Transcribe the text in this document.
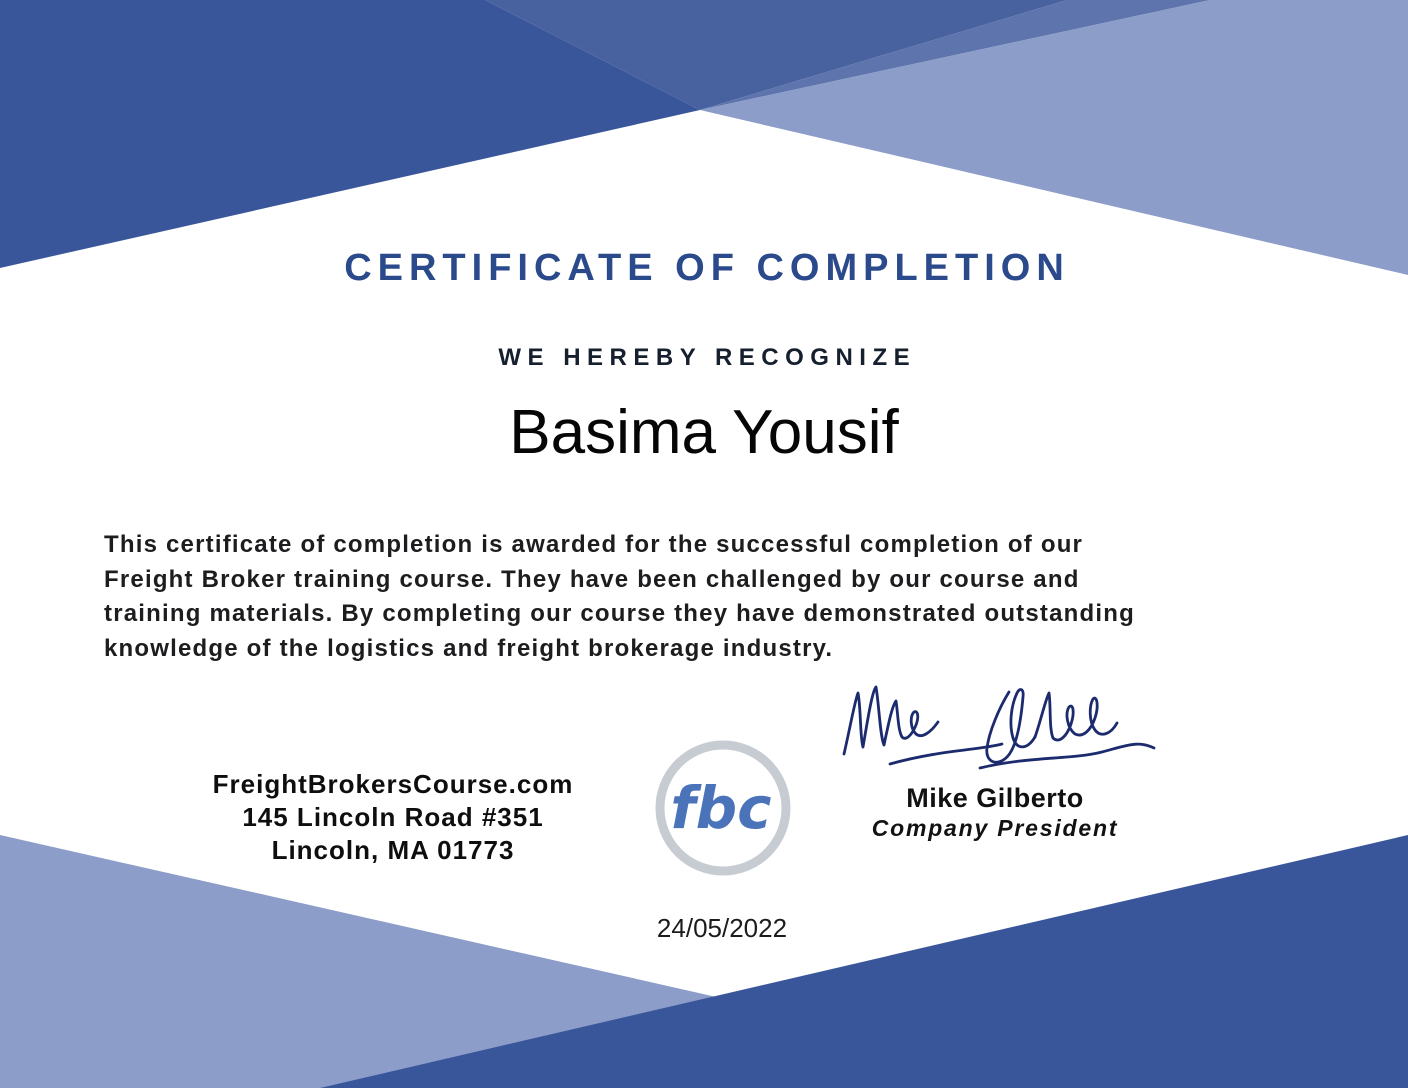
CERTIFICATE OF COMPLETION
WE HEREBY RECOGNIZE
Basima Yousif
This certificate of completion is awarded for the successful completion of our
Freight Broker training course. They have been challenged by our course and
training materials. By completing our course they have demonstrated outstanding
knowledge of the logistics and freight brokerage industry.
FreightBrokersCourse.com
145 Lincoln Road #351
Lincoln, MA 01773
fbc	Mike Gilberto
Company President
24/05/2022
